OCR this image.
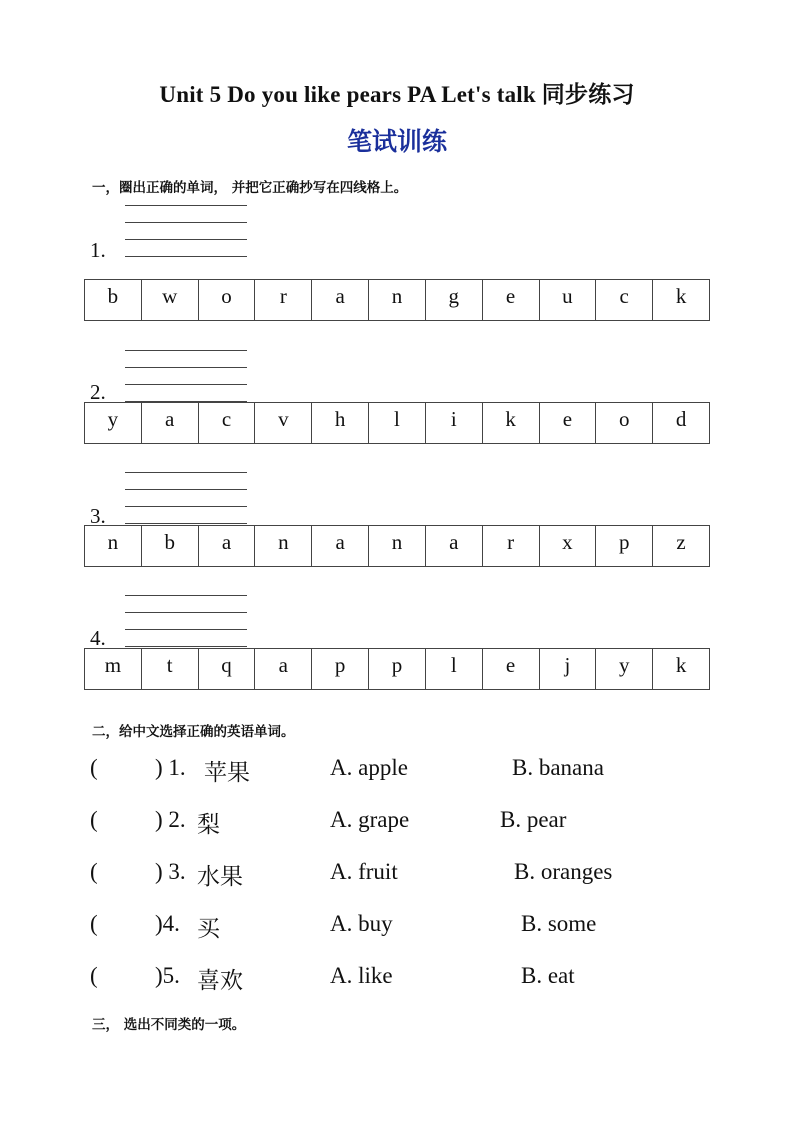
Unit 5 Do you like pears PA Let's talk 同步练习
笔试训练
一，圈出正确的单词， 并把它正确抄写在四线格上。
1.
b	w	o	r	a	n	g	e	u	c	k
2.
y	a	c	v	h	l	i	k	e	o	d
3.
n	b	a	n	a	n	a	r	x	p	z
4.
m	t	q	a	p	p	l	e	j	y	k
二，给中文选择正确的英语单词。
( ) 1. 苹果	A. apple	B. banana
( ) 2. 梨	A. grape	B. pear
( ) 3. 水果	A. fruit	B. oranges
( )4. 买	A. buy	B. some
( )5. 喜欢	A. like	B. eat
三， 选出不同类的一项。
